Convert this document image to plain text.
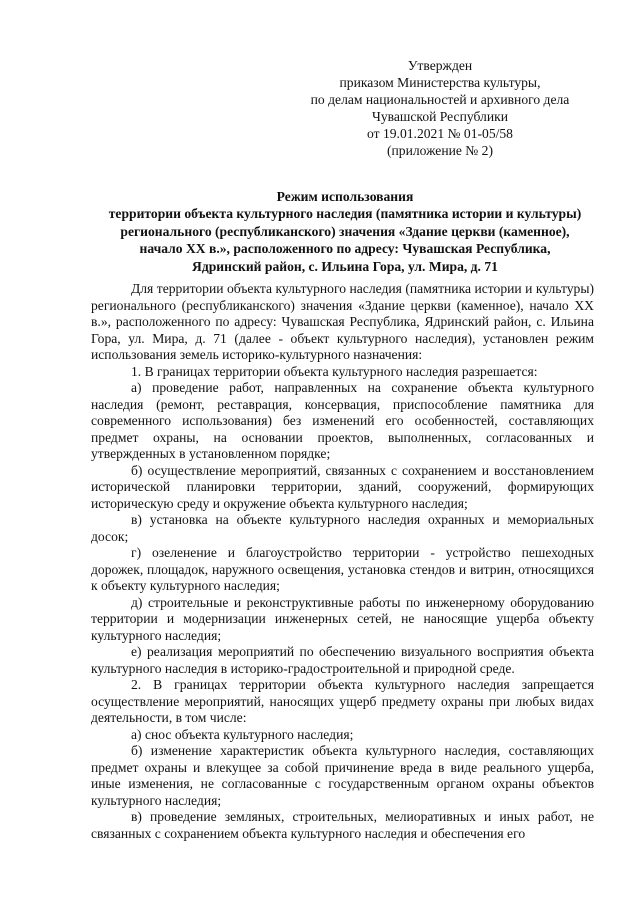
Утвержден
приказом Министерства культуры,
по делам национальностей и архивного дела
Чувашской Республики
от 19.01.2021 № 01-05/58
(приложение № 2)
Режим использования
территории объекта культурного наследия (памятника истории и культуры)
регионального (республиканского) значения «Здание церкви (каменное),
начало XX в.», расположенного по адресу: Чувашская Республика,
Ядринский район, с. Ильина Гора, ул. Мира, д. 71

Для территории объекта культурного наследия (памятника истории и культуры) регионального (республиканского) значения «Здание церкви (каменное), начало XX в.», расположенного по адресу: Чувашская Республика, Ядринский район, с. Ильина Гора, ул. Мира, д. 71 (далее - объект культурного наследия), установлен режим использования земель историко-культурного назначения:

1. В границах территории объекта культурного наследия разрешается:

а) проведение работ, направленных на сохранение объекта культурного наследия (ремонт, реставрация, консервация, приспособление памятника для современного использования) без изменений его особенностей, составляющих предмет охраны, на основании проектов, выполненных, согласованных и утвержденных в установленном порядке;

б) осуществление мероприятий, связанных с сохранением и восстановлением исторической планировки территории, зданий, сооружений, формирующих историческую среду и окружение объекта культурного наследия;

в) установка на объекте культурного наследия охранных и мемориальных досок;

г) озеленение и благоустройство территории - устройство пешеходных дорожек, площадок, наружного освещения, установка стендов и витрин, относящихся к объекту культурного наследия;

д) строительные и реконструктивные работы по инженерному оборудованию территории и модернизации инженерных сетей, не наносящие ущерба объекту культурного наследия;

е) реализация мероприятий по обеспечению визуального восприятия объекта культурного наследия в историко-градостроительной и природной среде.

2. В границах территории объекта культурного наследия запрещается осуществление мероприятий, наносящих ущерб предмету охраны при любых видах деятельности, в том числе:

а) снос объекта культурного наследия;

б) изменение характеристик объекта культурного наследия, составляющих предмет охраны и влекущее за собой причинение вреда в виде реального ущерба, иные изменения, не согласованные с государственным органом охраны объектов культурного наследия;

в) проведение земляных, строительных, мелиоративных и иных работ, не связанных с сохранением объекта культурного наследия и обеспечения его
